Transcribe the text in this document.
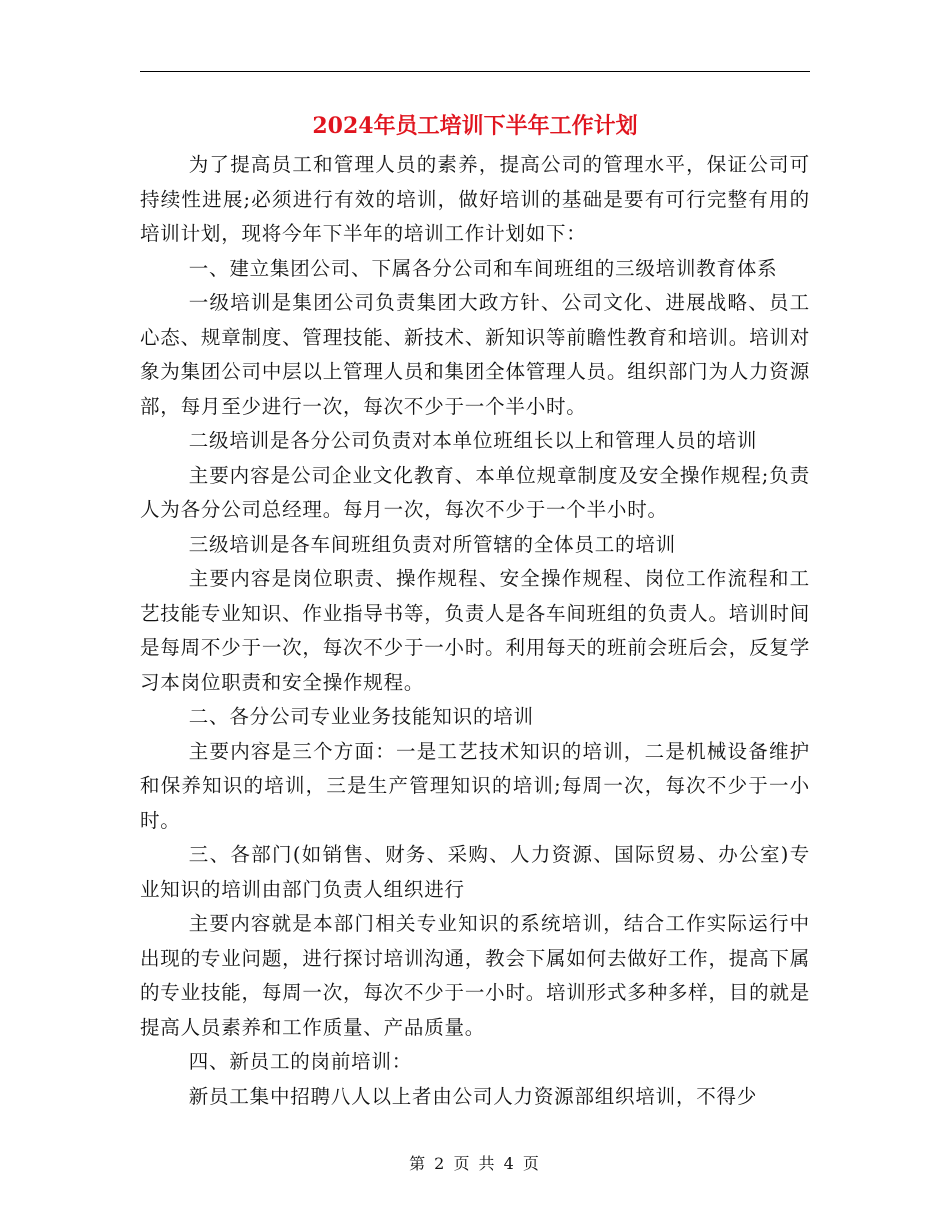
2024年员工培训下半年工作计划

为了提高员工和管理人员的素养，提高公司的管理水平，保证公司可持续性进展;必须进行有效的培训，做好培训的基础是要有可行完整有用的培训计划，现将今年下半年的培训工作计划如下：

一、建立集团公司、下属各分公司和车间班组的三级培训教育体系

一级培训是集团公司负责集团大政方针、公司文化、进展战略、员工心态、规章制度、管理技能、新技术、新知识等前瞻性教育和培训。培训对象为集团公司中层以上管理人员和集团全体管理人员。组织部门为人力资源部，每月至少进行一次，每次不少于一个半小时。

二级培训是各分公司负责对本单位班组长以上和管理人员的培训

主要内容是公司企业文化教育、本单位规章制度及安全操作规程;负责人为各分公司总经理。每月一次，每次不少于一个半小时。

三级培训是各车间班组负责对所管辖的全体员工的培训

主要内容是岗位职责、操作规程、安全操作规程、岗位工作流程和工艺技能专业知识、作业指导书等，负责人是各车间班组的负责人。培训时间是每周不少于一次，每次不少于一小时。利用每天的班前会班后会，反复学习本岗位职责和安全操作规程。

二、各分公司专业业务技能知识的培训

主要内容是三个方面：一是工艺技术知识的培训，二是机械设备维护和保养知识的培训，三是生产管理知识的培训;每周一次，每次不少于一小时。

三、各部门(如销售、财务、采购、人力资源、国际贸易、办公室)专业知识的培训由部门负责人组织进行

主要内容就是本部门相关专业知识的系统培训，结合工作实际运行中出现的专业问题，进行探讨培训沟通，教会下属如何去做好工作，提高下属的专业技能，每周一次，每次不少于一小时。培训形式多种多样，目的就是提高人员素养和工作质量、产品质量。

四、新员工的岗前培训：

新员工集中招聘八人以上者由公司人力资源部组织培训，不得少

第 2 页 共 4 页
